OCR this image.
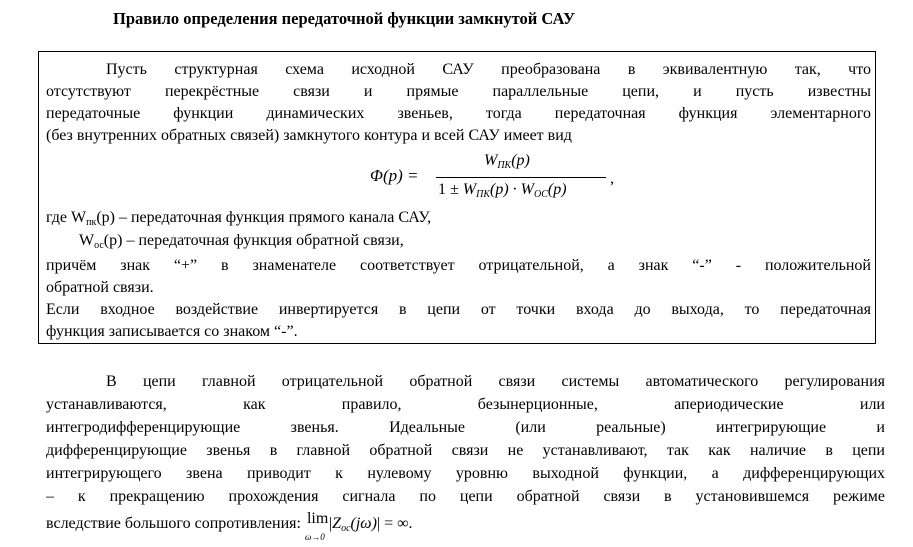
Правило определения передаточной функции замкнутой САУ
Пусть структурная схема исходной САУ преобразована в эквивалентную так, что
отсутствуют перекрёстные связи и прямые параллельные цепи, и пусть известны
передаточные функции динамических звеньев, тогда передаточная функция элементарного
(без внутренних обратных связей) замкнутого контура и всей САУ имеет вид
Φ(p) =
$W_{ПК}(p)$
$1 \pm W_{ПК}(p) \cdot W_{ОС}(p)$
,
где $W_{пк}(p)$ – передаточная функция прямого канала САУ,
$W_{ос}(p)$ – передаточная функция обратной связи,
причём знак “+” в знаменателе соответствует отрицательной, а знак “-” - положительной
обратной связи.
Если входное воздействие инвертируется в цепи от точки входа до выхода, то передаточная
функция записывается со знаком “-”.
В цепи главной отрицательной обратной связи системы автоматического регулирования
устанавливаются, как правило, безынерционные, апериодические или
интегродифференцирующие звенья. Идеальные (или реальные) интегрирующие и
дифференцирующие звенья в главной обратной связи не устанавливают, так как наличие в цепи
интегрирующего звена приводит к нулевому уровню выходной функции, а дифференцирующих
– к прекращению прохождения сигнала по цепи обратной связи в установившемся режиме
вследствие большого сопротивления: lim
ω→0
$|Z_{oc}(j\omega)|$ = ∞.
